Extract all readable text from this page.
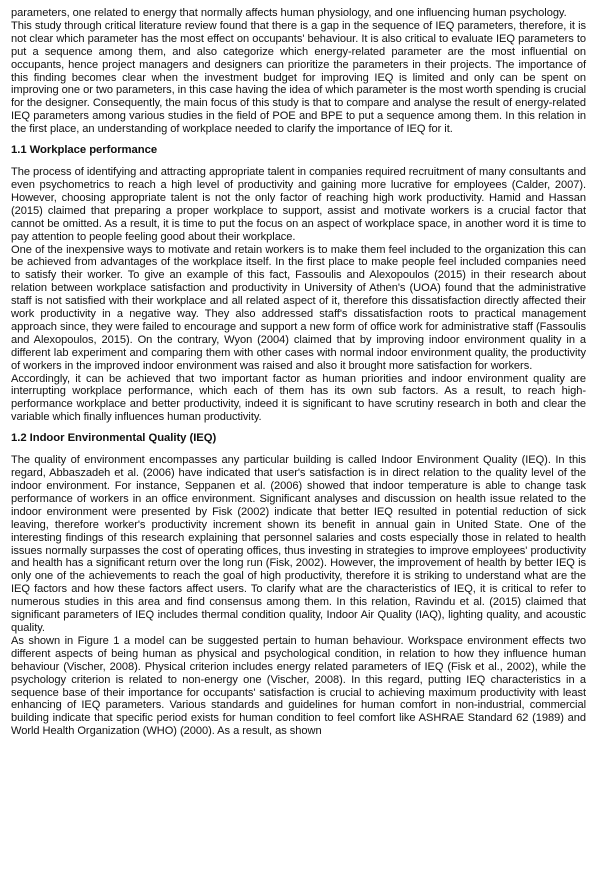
parameters, one related to energy that normally affects human physiology, and one influencing human psychology.

This study through critical literature review found that there is a gap in the sequence of IEQ parameters, therefore, it is not clear which parameter has the most effect on occupants' behaviour. It is also critical to evaluate IEQ parameters to put a sequence among them, and also categorize which energy-related parameter are the most influential on occupants, hence project managers and designers can prioritize the parameters in their projects. The importance of this finding becomes clear when the investment budget for improving IEQ is limited and only can be spent on improving one or two parameters, in this case having the idea of which parameter is the most worth spending is crucial for the designer. Consequently, the main focus of this study is that to compare and analyse the result of energy-related IEQ parameters among various studies in the field of POE and BPE to put a sequence among them. In this relation in the first place, an understanding of workplace needed to clarify the importance of IEQ for it.

1.1 Workplace performance

The process of identifying and attracting appropriate talent in companies required recruitment of many consultants and even psychometrics to reach a high level of productivity and gaining more lucrative for employees (Calder, 2007). However, choosing appropriate talent is not the only factor of reaching high work productivity. Hamid and Hassan (2015) claimed that preparing a proper workplace to support, assist and motivate workers is a crucial factor that cannot be omitted. As a result, it is time to put the focus on an aspect of workplace space, in another word it is time to pay attention to people feeling good about their workplace.

One of the inexpensive ways to motivate and retain workers is to make them feel included to the organization this can be achieved from advantages of the workplace itself. In the first place to make people feel included companies need to satisfy their worker. To give an example of this fact, Fassoulis and Alexopoulos (2015) in their research about relation between workplace satisfaction and productivity in University of Athen's (UOA) found that the administrative staff is not satisfied with their workplace and all related aspect of it, therefore this dissatisfaction directly affected their work productivity in a negative way. They also addressed staff's dissatisfaction roots to practical management approach since, they were failed to encourage and support a new form of office work for administrative staff (Fassoulis and Alexopoulos, 2015). On the contrary, Wyon (2004) claimed that by improving indoor environment quality in a different lab experiment and comparing them with other cases with normal indoor environment quality, the productivity of workers in the improved indoor environment was raised and also it brought more satisfaction for workers.

Accordingly, it can be achieved that two important factor as human priorities and indoor environment quality are interrupting workplace performance, which each of them has its own sub factors. As a result, to reach high-performance workplace and better productivity, indeed it is significant to have scrutiny research in both and clear the variable which finally influences human productivity.

1.2 Indoor Environmental Quality (IEQ)

The quality of environment encompasses any particular building is called Indoor Environment Quality (IEQ). In this regard, Abbaszadeh et al. (2006) have indicated that user's satisfaction is in direct relation to the quality level of the indoor environment. For instance, Seppanen et al. (2006) showed that indoor temperature is able to change task performance of workers in an office environment. Significant analyses and discussion on health issue related to the indoor environment were presented by Fisk (2002) indicate that better IEQ resulted in potential reduction of sick leaving, therefore worker's productivity increment shown its benefit in annual gain in United State. One of the interesting findings of this research explaining that personnel salaries and costs especially those in related to health issues normally surpasses the cost of operating offices, thus investing in strategies to improve employees' productivity and health has a significant return over the long run (Fisk, 2002). However, the improvement of health by better IEQ is only one of the achievements to reach the goal of high productivity, therefore it is striking to understand what are the IEQ factors and how these factors affect users. To clarify what are the characteristics of IEQ, it is critical to refer to numerous studies in this area and find consensus among them. In this relation, Ravindu et al. (2015) claimed that significant parameters of IEQ includes thermal condition quality, Indoor Air Quality (IAQ), lighting quality, and acoustic quality.

As shown in Figure 1 a model can be suggested pertain to human behaviour. Workspace environment effects two different aspects of being human as physical and psychological condition, in relation to how they influence human behaviour (Vischer, 2008). Physical criterion includes energy related parameters of IEQ (Fisk et al., 2002), while the psychology criterion is related to non-energy one (Vischer, 2008). In this regard, putting IEQ characteristics in a sequence base of their importance for occupants' satisfaction is crucial to achieving maximum productivity with least enhancing of IEQ parameters. Various standards and guidelines for human comfort in non-industrial, commercial building indicate that specific period exists for human condition to feel comfort like ASHRAE Standard 62 (1989) and World Health Organization (WHO) (2000). As a result, as shown
